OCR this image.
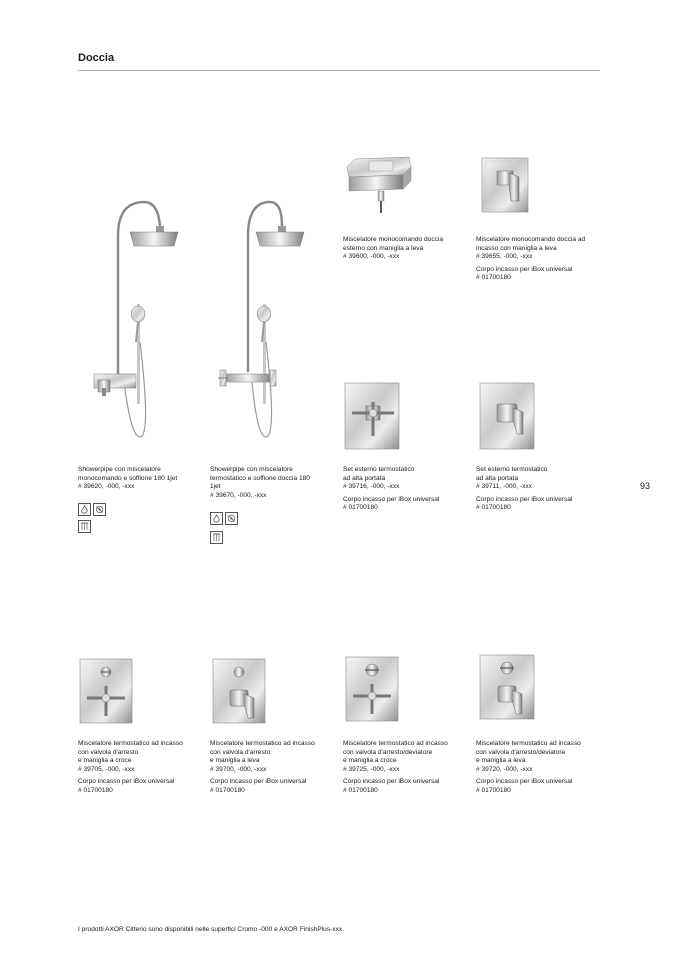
Doccia
93

Miscelatore monocomando doccia

esterno con maniglia a leva

# 39600, -000, -xxx

Miscelatore monocomando doccia ad

incasso con maniglia a leva

# 39655, -000, -xxx

Corpo incasso per iBox universal

# 01700180

Showerpipe con miscelatore

monocomando e soffione 180 1jet

# 39620, -000, -xxx

Showerpipe con miscelatore

termostatico e soffione doccia 180

1jet

# 39670, -000, -xxx

Set esterno termostatico

ad alta portata

# 39716, -000, -xxx

Corpo incasso per iBox universal

# 01700180

Set esterno termostatico

ad alta portata

# 39711, -000, -xxx

Corpo incasso per iBox universal

# 01700180

Miscelatore termostatico ad incasso

con valvola d'arresto

e maniglia a croce

# 39705, -000, -xxx

Corpo incasso per iBox universal

# 01700180

Miscelatore termostatico ad incasso

con valvola d'arresto

e maniglia a leva

# 39700, -000, -xxx

Corpo incasso per iBox universal

# 01700180

Miscelatore termostatico ad incasso

con valvola d'arresto/deviatore

e maniglia a croce

# 39725, -000, -xxx

Corpo incasso per iBox universal

# 01700180

Miscelatore termostatico ad incasso

con valvola d'arresto/deviatore

e maniglia a leva

# 39720, -000, -xxx

Corpo incasso per iBox universal

# 01700180

I prodotti AXOR Citterio sono disponibili nelle superfici Cromo -000 e AXOR FinishPlus-xxx.
